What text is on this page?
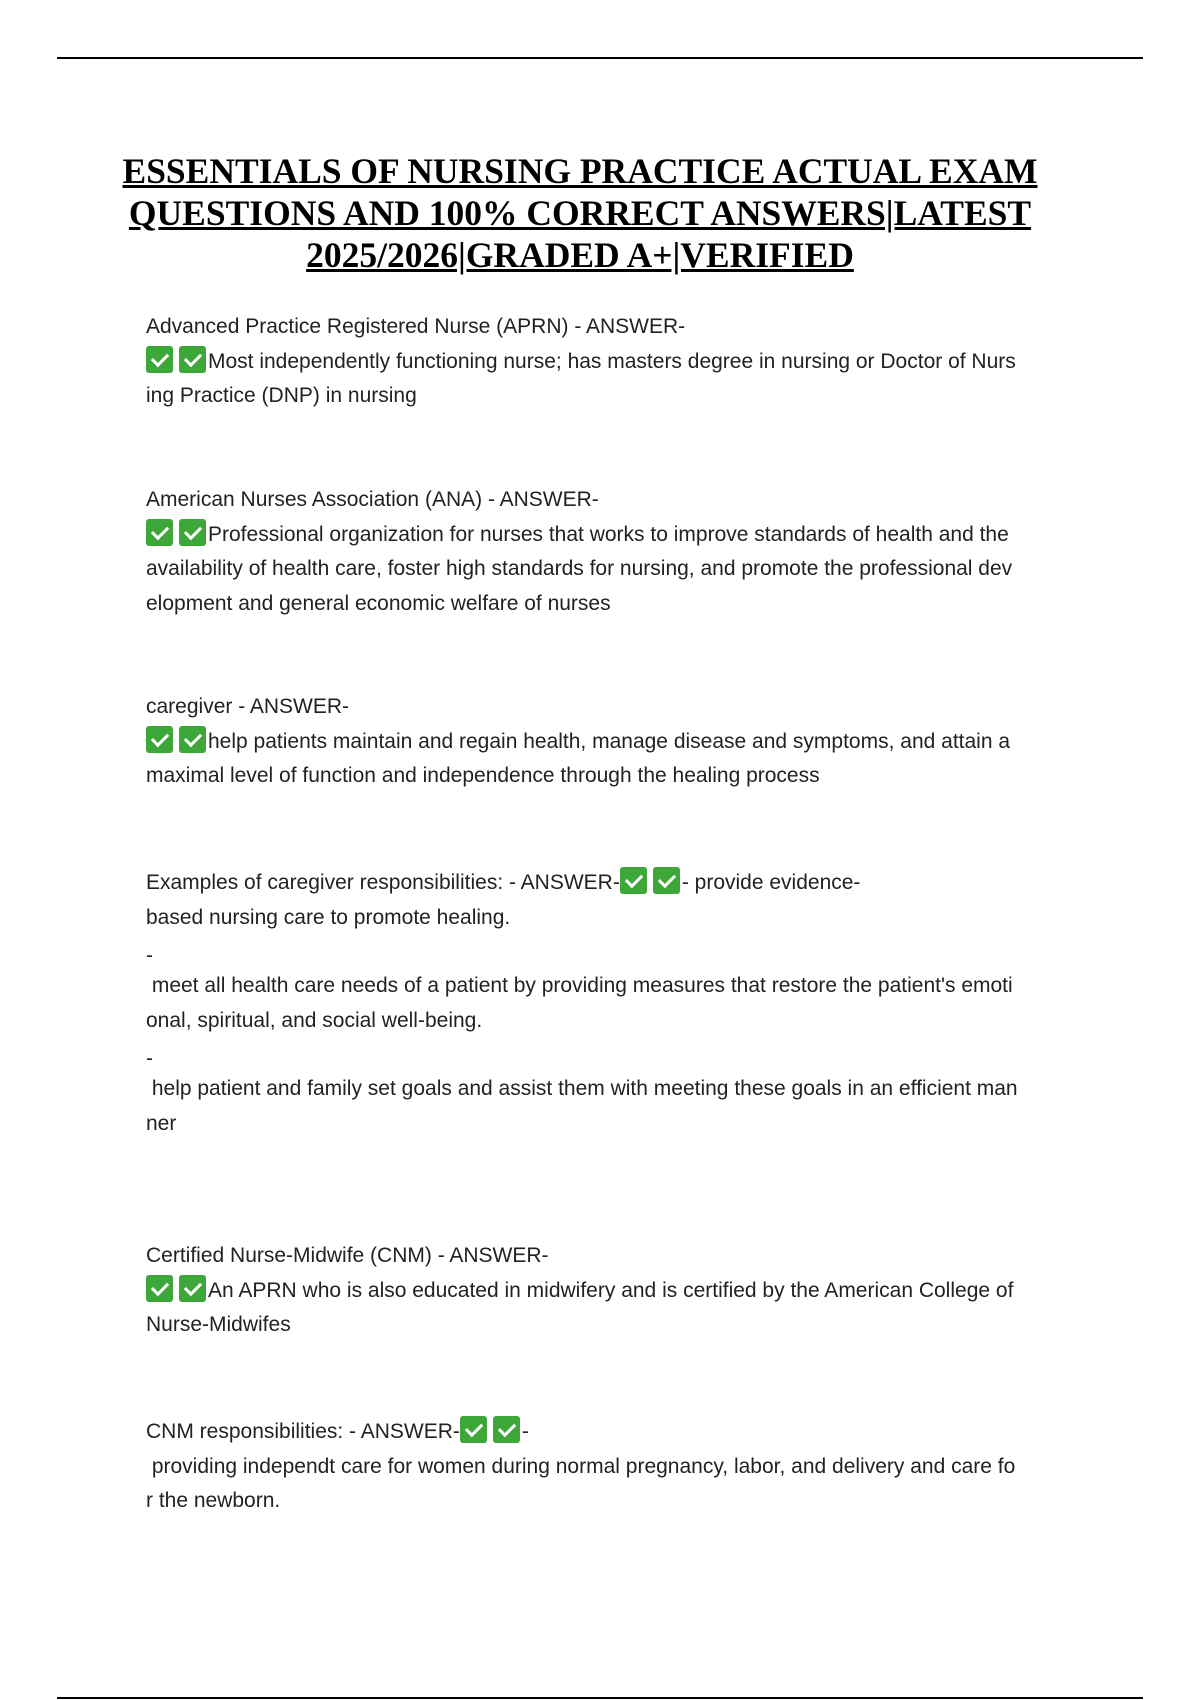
ESSENTIALS OF NURSING PRACTICE ACTUAL EXAM QUESTIONS AND 100% CORRECT ANSWERS|LATEST 2025/2026|GRADED A+|VERIFIED

Advanced Practice Registered Nurse (APRN) - ANSWER-

Most independently functioning nurse; has masters degree in nursing or Doctor of Nurs

ing Practice (DNP) in nursing

American Nurses Association (ANA) - ANSWER-

Professional organization for nurses that works to improve standards of health and the

availability of health care, foster high standards for nursing, and promote the professional dev

elopment and general economic welfare of nurses

caregiver - ANSWER-

help patients maintain and regain health, manage disease and symptoms, and attain a

maximal level of function and independence through the healing process

Examples of caregiver responsibilities: - ANSWER-	- provide evidence-

based nursing care to promote healing.

-

meet all health care needs of a patient by providing measures that restore the patient's emoti

onal, spiritual, and social well-being.

-

help patient and family set goals and assist them with meeting these goals in an efficient man

ner

Certified Nurse-Midwife (CNM) - ANSWER-

An APRN who is also educated in midwifery and is certified by the American College of

Nurse-Midwifes

CNM responsibilities: - ANSWER-	-

providing independt care for women during normal pregnancy, labor, and delivery and care fo

r the newborn.
